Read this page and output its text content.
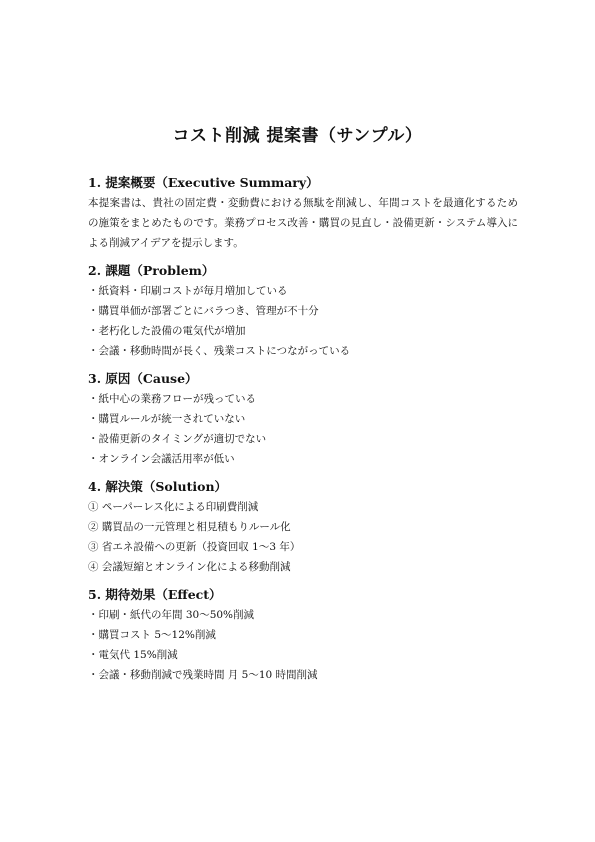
コスト削減 提案書（サンプル）
1. 提案概要（Executive Summary）

本提案書は、貴社の固定費・変動費における無駄を削減し、年間コストを最適化するための施策をまとめたものです。業務プロセス改善・購買の見直し・設備更新・システム導入による削減アイデアを提示します。

2. 課題（Problem）
・紙資料・印刷コストが毎月増加している
・購買単価が部署ごとにバラつき、管理が不十分
・老朽化した設備の電気代が増加
・会議・移動時間が長く、残業コストにつながっている
3. 原因（Cause）
・紙中心の業務フローが残っている
・購買ルールが統一されていない
・設備更新のタイミングが適切でない
・オンライン会議活用率が低い
4. 解決策（Solution）
① ペーパーレス化による印刷費削減
② 購買品の一元管理と相見積もりルール化
③ 省エネ設備への更新（投資回収 1〜3 年）
④ 会議短縮とオンライン化による移動削減
5. 期待効果（Effect）
・印刷・紙代の年間 30〜50%削減
・購買コスト 5〜12%削減
・電気代 15%削減
・会議・移動削減で残業時間 月 5〜10 時間削減
